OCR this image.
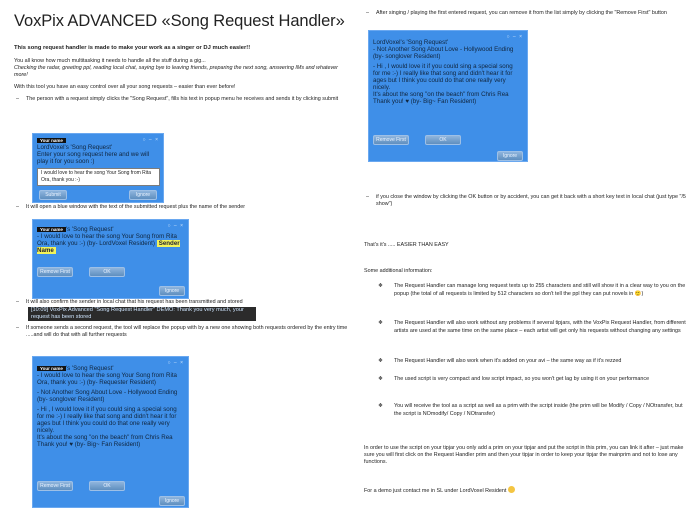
VoxPix ADVANCED «Song Request Handler»

This song request handler is made to make your work as a singer or DJ much easier!!

You all know how much multitasking it needs to handle all the stuff during a gig...

Checking the radar, greeting ppl, reading local chat, saying bye to leaving friends, preparing the next song, answering IMs and whatever more!

With this tool you have an easy control over all your song requests – easier than ever before!

– The person with a request simply clicks the "Song Request", fills his text in popup menu he receives and sends it by clicking submit

○ – ×
Your name
LordVoxel's 'Song Request'
Enter your song request here and we will
play it for you soon :)
I would love to hear the song Your Song from Rita Ora, thank you :-)
Submit	Ignore

– It will open a blue window with the text of the submitted request plus the name of the sender

○ – ×
Your name 's 'Song Request'
- I would love to hear the song Your Song from Rita
Ora, thank you :-) (by- LordVoxel Resident) Sender Name
Remove First	OK
Ignore

– It will also confirm the sender in local chat that his request has been transmitted and stored

[10:09] VoxPix Advanced "Song Request Handler" DEMO: Thank you very much, your request has been stored

– If someone sends a second request, the tool will replace the popup with by a new one showing both requests ordered by the entry time .....and will do that with all further requests

○ – ×
Your name 's 'Song Request'
- I would love to hear the song Your Song from Rita
Ora, thank you :-) (by- Requester Resident)
- Not Another Song About Love - Hollywood Ending
(by- songlover Resident)
- Hi , I would love it if you could sing a special song
for me :-) I really like that song and didn't hear it for
ages but I think you could do that one really very
nicely.
It's about the song "on the beach" from Chris Rea
Thank you! ♥ (by- Big~ Fan Resident)
Remove First	OK
Ignore

– After singing / playing the first entered request, you can remove it from the list simply by clicking the "Remove First" button

○ – ×
LordVoxel's 'Song Request'
- Not Another Song About Love - Hollywood Ending
(by- songlover Resident)
- Hi , I would love it if you could sing a special song
for me :-) I really like that song and didn't hear it for
ages but I think you could do that one really very
nicely.
It's about the song "on the beach" from Chris Rea
Thank you! ♥ (by- Big~ Fan Resident)
Remove First	OK
Ignore

– if you close the window by clicking the OK button or by accident, you can get it back with a short key text in local chat (just type "/5 show")

That's it's ..... EASIER THAN EASY

Some additional information:

❖ The Request Handler can manage long request texts up to 255 characters and still will show it in a clear way to you on the popup (the total of all requests is limited by 512 characters so don't tell the ppl they can put novels in 🙂)
❖ The Request Handler will also work without any problems if several tipjars, with the VoxPix Request Handler, from different artists are used at the same time on the same place – each artist will get only his requests without changing any settings
❖ The Request Handler will also work when it's added on your avi – the same way as if it's rezzed
❖ The used script is very compact and low script impact, so you won't get lag by using it on your performance
❖ You will receive the tool as a script as well as a prim with the script inside (the prim will be Modify / Copy / NOtransfer, but the script is NOmodify/ Copy / NOtransfer)

In order to use the script on your tipjar you only add a prim on your tipjar and put the script in this prim, you can link it after – just make sure you will first click on the Request Handler prim and then your tipjar in order to keep your tipjar the mainprim and not to lose any functions.

For a demo just contact me in SL under LordVoxel Resident
